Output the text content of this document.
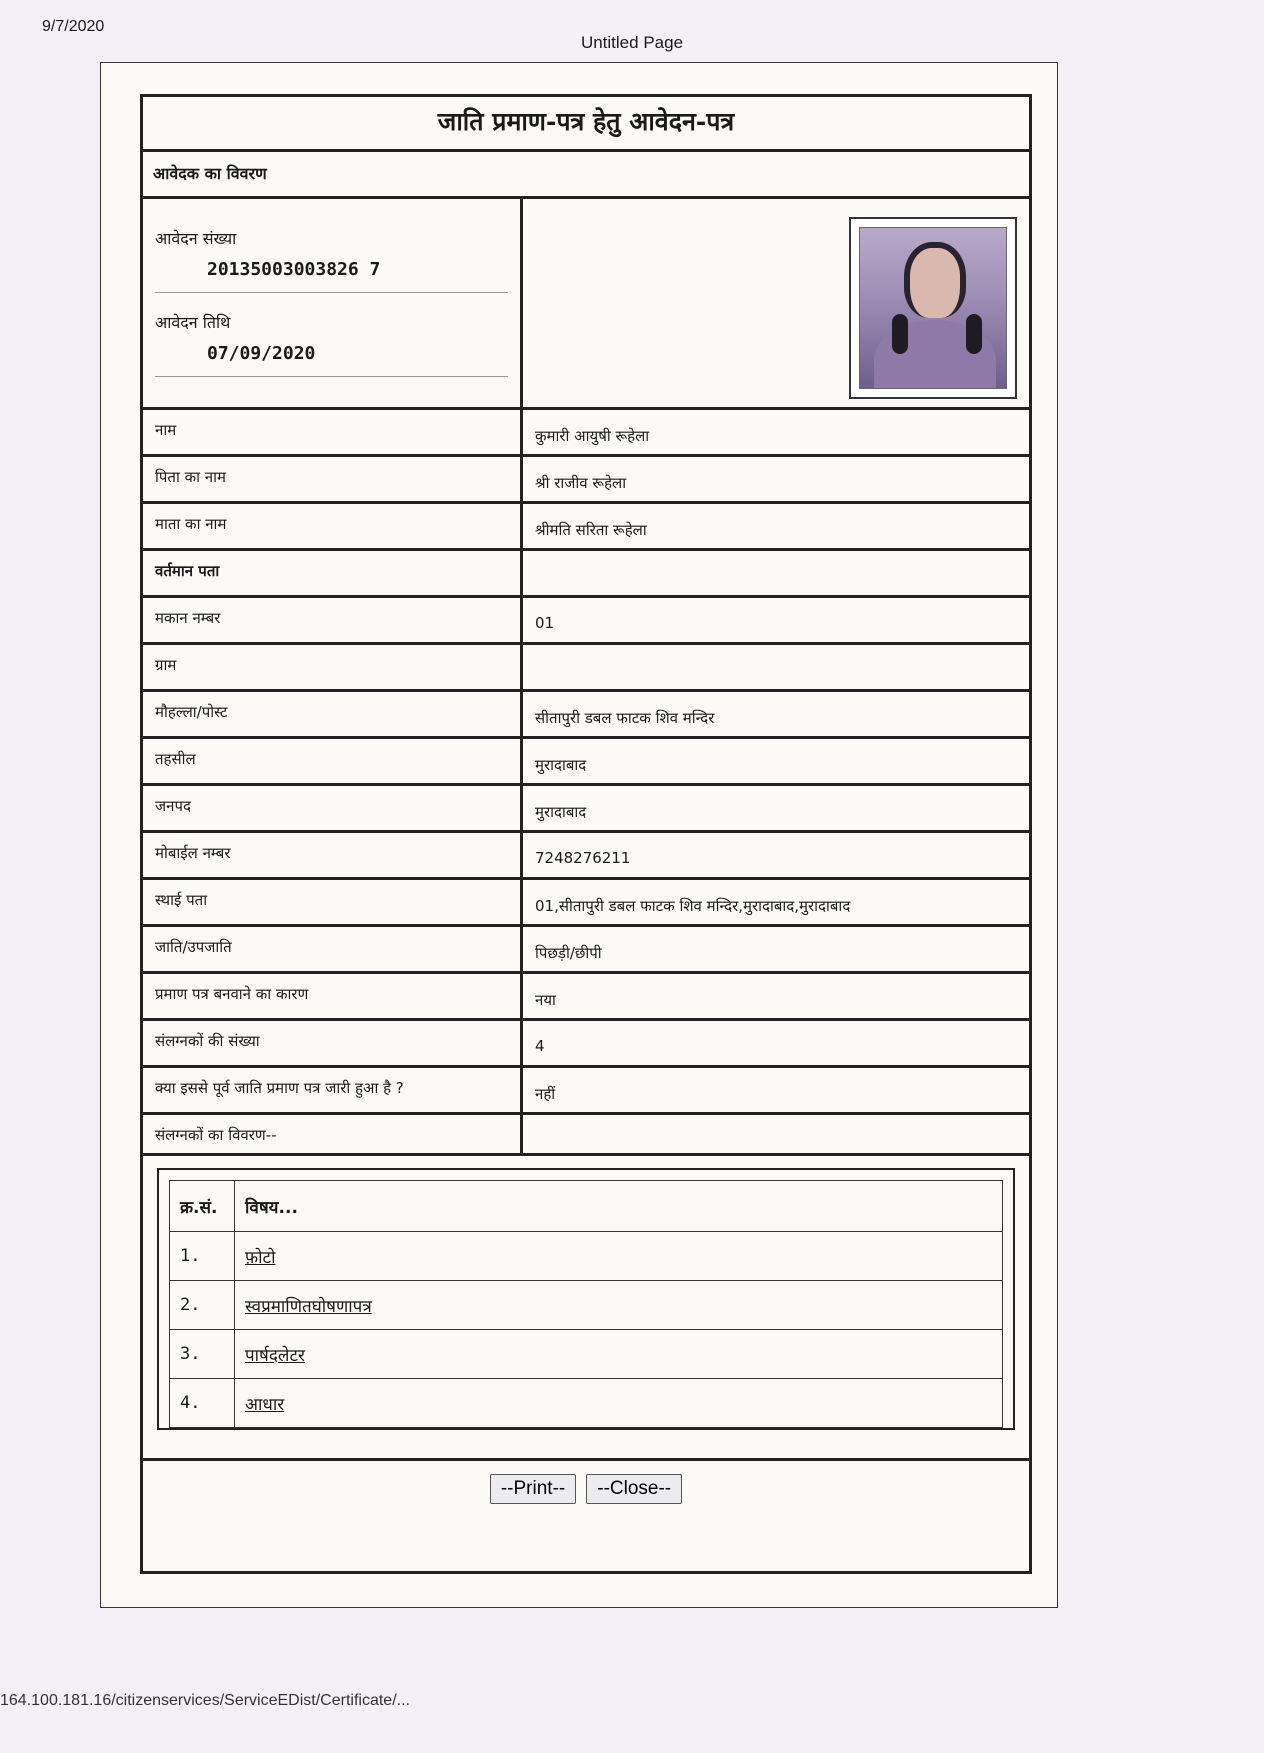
9/7/2020
Untitled Page
जाति प्रमाण-पत्र हेतु आवेदन-पत्र
आवेदक का विवरण
आवेदन संख्या
20135003003826 7
आवेदन तिथि
07/09/2020
नाम	कुमारी आयुषी रूहेला
पिता का नाम	श्री राजीव रूहेला
माता का नाम	श्रीमति सरिता रूहेला
वर्तमान पता
मकान नम्बर	01
ग्राम
मौहल्ला/पोस्ट	सीतापुरी डबल फाटक शिव मन्दिर
तहसील	मुरादाबाद
जनपद	मुरादाबाद
मोबाईल नम्बर	7248276211
स्थाई पता	01,सीतापुरी डबल फाटक शिव मन्दिर,मुरादाबाद,मुरादाबाद
जाति/उपजाति	पिछड़ी/छीपी
प्रमाण पत्र बनवाने का कारण	नया
संलग्नकों की संख्या	4
क्या इससे पूर्व जाति प्रमाण पत्र जारी हुआ है ?	नहीं
संलग्नकों का विवरण--
क्र.सं.	विषय...
1.	फ़ोटो
2.	स्वप्रमाणितघोषणापत्र
3.	पार्षदलेटर
4.	आधार
--Print--	--Close--
164.100.181.16/citizenservices/ServiceEDist/Certificate/...
